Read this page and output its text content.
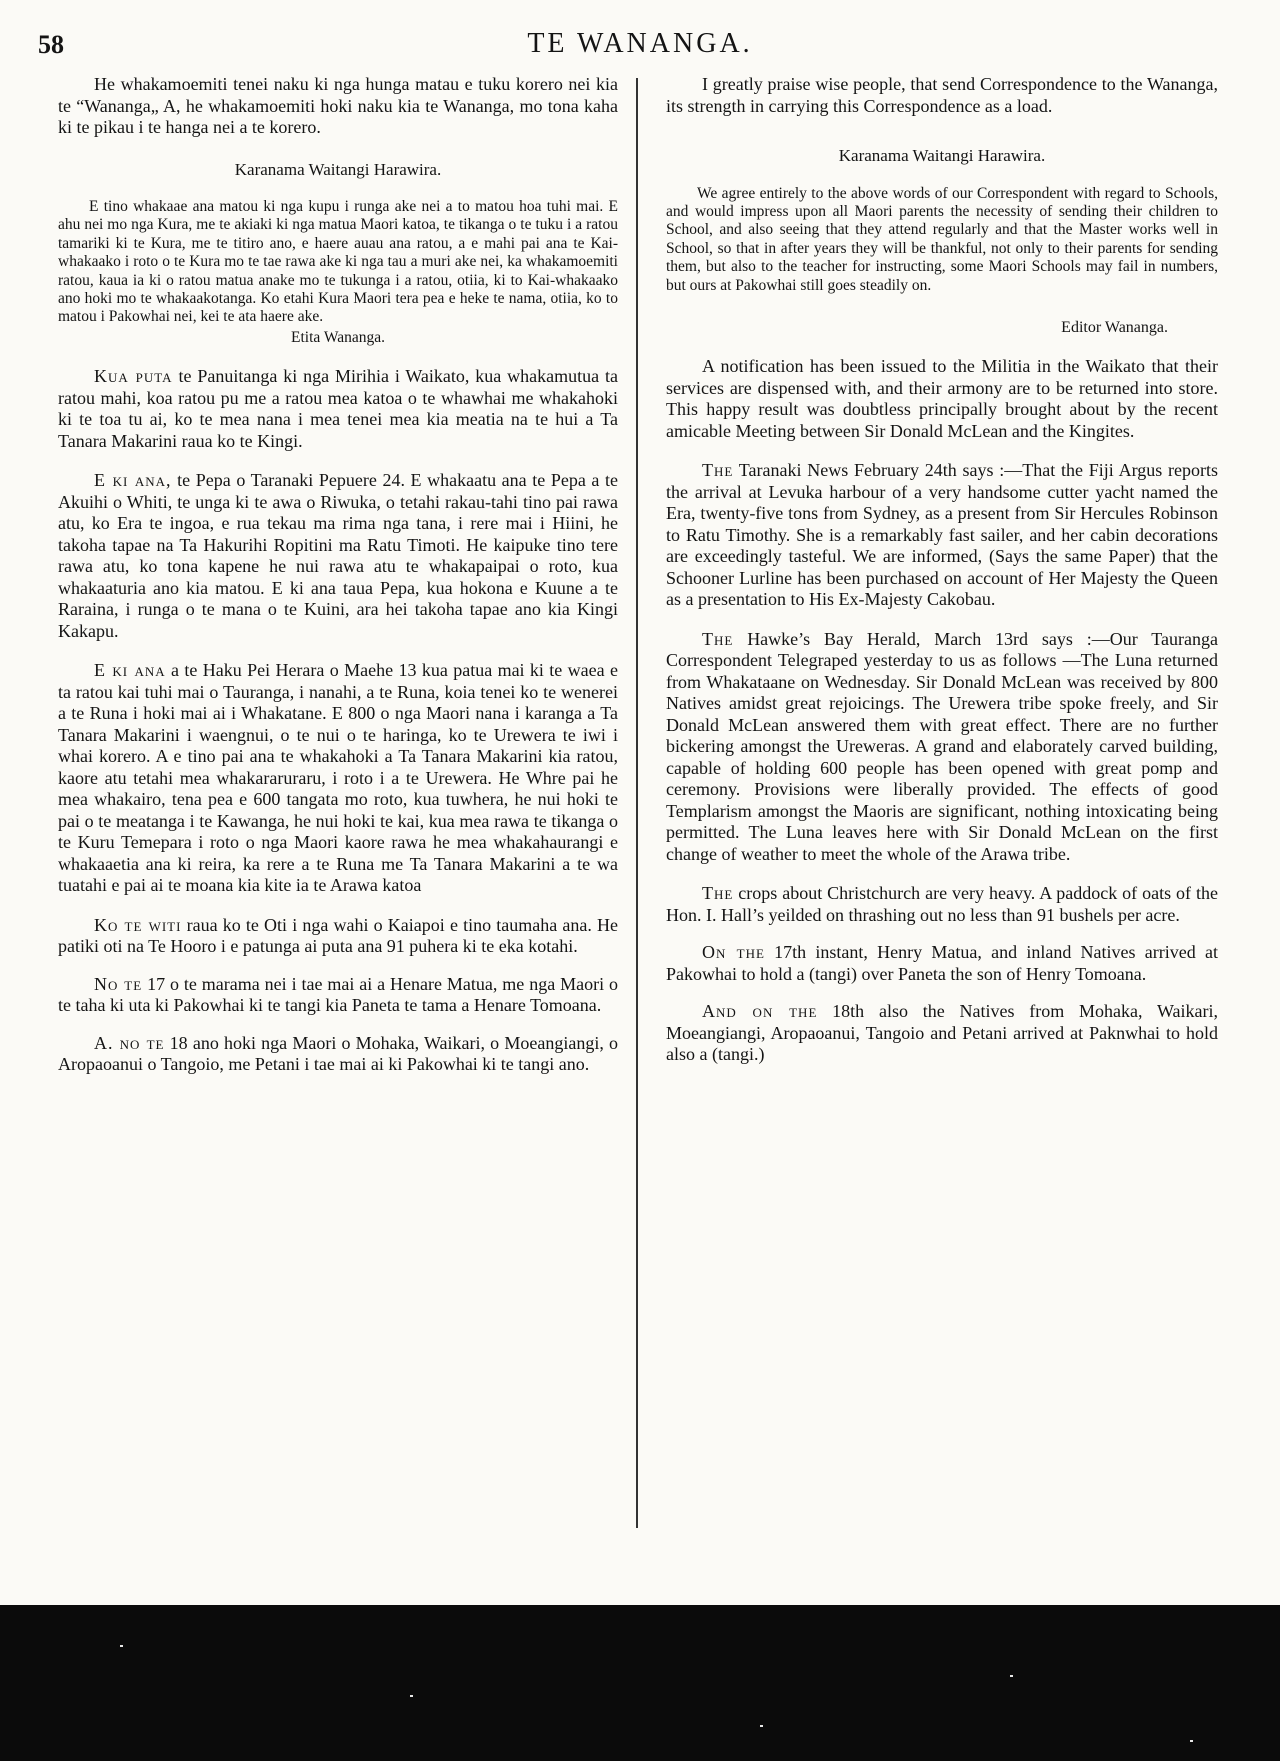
58	TE WANANGA.

He whakamoemiti tenei naku ki nga hunga matau e tuku korero nei kia te “Wananga„ A, he whakamoemiti hoki naku kia te Wananga, mo tona kaha ki te pikau i te hanga nei a te korero.

Karanama Waitangi Harawira.

E tino whakaae ana matou ki nga kupu i runga ake nei a to matou hoa tuhi mai. E ahu nei mo nga Kura, me te akiaki ki nga matua Maori katoa, te tikanga o te tuku i a ratou tamariki ki te Kura, me te titiro ano, e haere auau ana ratou, a e mahi pai ana te Kai-whakaako i roto o te Kura mo te tae rawa ake ki nga tau a muri ake nei, ka whakamoemiti ratou, kaua ia ki o ratou matua anake mo te tukunga i a ratou, otiia, ki to Kai-whakaako ano hoki mo te whakaakotanga. Ko etahi Kura Maori tera pea e heke te nama, otiia, ko to matou i Pakowhai nei, kei te ata haere ake.

Etita Wananga.

Kua puta te Panuitanga ki nga Mirihia i Waikato, kua whakamutua ta ratou mahi, koa ratou pu me a ratou mea katoa o te whawhai me whakahoki ki te toa tu ai, ko te mea nana i mea tenei mea kia meatia na te hui a Ta Tanara Makarini raua ko te Kingi.

E ki ana, te Pepa o Taranaki Pepuere 24. E whakaatu ana te Pepa a te Akuihi o Whiti, te unga ki te awa o Riwuka, o tetahi rakau-tahi tino pai rawa atu, ko Era te ingoa, e rua tekau ma rima nga tana, i rere mai i Hiini, he takoha tapae na Ta Hakurihi Ropitini ma Ratu Timoti. He kaipuke tino tere rawa atu, ko tona kapene he nui rawa atu te whakapaipai o roto, kua whakaaturia ano kia matou. E ki ana taua Pepa, kua hokona e Kuune a te Raraina, i runga o te mana o te Kuini, ara hei takoha tapae ano kia Kingi Kakapu.

E ki ana a te Haku Pei Herara o Maehe 13 kua patua mai ki te waea e ta ratou kai tuhi mai o Tauranga, i nanahi, a te Runa, koia tenei ko te wenerei a te Runa i hoki mai ai i Whakatane. E 800 o nga Maori nana i karanga a Ta Tanara Makarini i waengnui, o te nui o te haringa, ko te Urewera te iwi i whai korero. A e tino pai ana te whakahoki a Ta Tanara Makarini kia ratou, kaore atu tetahi mea whakararuraru, i roto i a te Urewera. He Whre pai he mea whakairo, tena pea e 600 tangata mo roto, kua tuwhera, he nui hoki te pai o te meatanga i te Kawanga, he nui hoki te kai, kua mea rawa te tikanga o te Kuru Temepara i roto o nga Maori kaore rawa he mea whakahaurangi e whakaaetia ana ki reira, ka rere a te Runa me Ta Tanara Makarini a te wa tuatahi e pai ai te moana kia kite ia te Arawa katoa

Ko te witi raua ko te Oti i nga wahi o Kaiapoi e tino taumaha ana. He patiki oti na Te Hooro i e patunga ai puta ana 91 puhera ki te eka kotahi.

No te 17 o te marama nei i tae mai ai a Henare Matua, me nga Maori o te taha ki uta ki Pakowhai ki te tangi kia Paneta te tama a Henare Tomoana.

A. no te 18 ano hoki nga Maori o Mohaka, Waikari, o Moeangiangi, o Aropaoanui o Tangoio, me Petani i tae mai ai ki Pakowhai ki te tangi ano.

I greatly praise wise people, that send Correspondence to the Wananga, its strength in carrying this Correspondence as a load.

Karanama Waitangi Harawira.

We agree entirely to the above words of our Correspondent with regard to Schools, and would impress upon all Maori parents the necessity of sending their children to School, and also seeing that they attend regularly and that the Master works well in School, so that in after years they will be thankful, not only to their parents for sending them, but also to the teacher for instructing, some Maori Schools may fail in numbers, but ours at Pakowhai still goes steadily on.

Editor Wananga.

A notification has been issued to the Militia in the Waikato that their services are dispensed with, and their armony are to be returned into store. This happy result was doubtless principally brought about by the recent amicable Meeting between Sir Donald McLean and the Kingites.

The Taranaki News February 24th says :—That the Fiji Argus reports the arrival at Levuka harbour of a very handsome cutter yacht named the Era, twenty-five tons from Sydney, as a present from Sir Hercules Robinson to Ratu Timothy. She is a remarkably fast sailer, and her cabin decorations are exceedingly tasteful. We are informed, (Says the same Paper) that the Schooner Lurline has been purchased on account of Her Majesty the Queen as a presentation to His Ex-Majesty Cakobau.

The Hawke’s Bay Herald, March 13rd says :—Our Tauranga Correspondent Telegraped yesterday to us as follows —The Luna returned from Whakataane on Wednesday. Sir Donald McLean was received by 800 Natives amidst great rejoicings. The Urewera tribe spoke freely, and Sir Donald McLean answered them with great effect. There are no further bickering amongst the Ureweras. A grand and elaborately carved building, capable of holding 600 people has been opened with great pomp and ceremony. Provisions were liberally provided. The effects of good Templarism amongst the Maoris are significant, nothing intoxicating being permitted. The Luna leaves here with Sir Donald McLean on the first change of weather to meet the whole of the Arawa tribe.

The crops about Christchurch are very heavy. A paddock of oats of the Hon. I. Hall’s yeilded on thrashing out no less than 91 bushels per acre.

On the 17th instant, Henry Matua, and inland Natives arrived at Pakowhai to hold a (tangi) over Paneta the son of Henry Tomoana.

And on the 18th also the Natives from Mohaka, Waikari, Moeangiangi, Aropaoanui, Tangoio and Petani arrived at Paknwhai to hold also a (tangi.)
